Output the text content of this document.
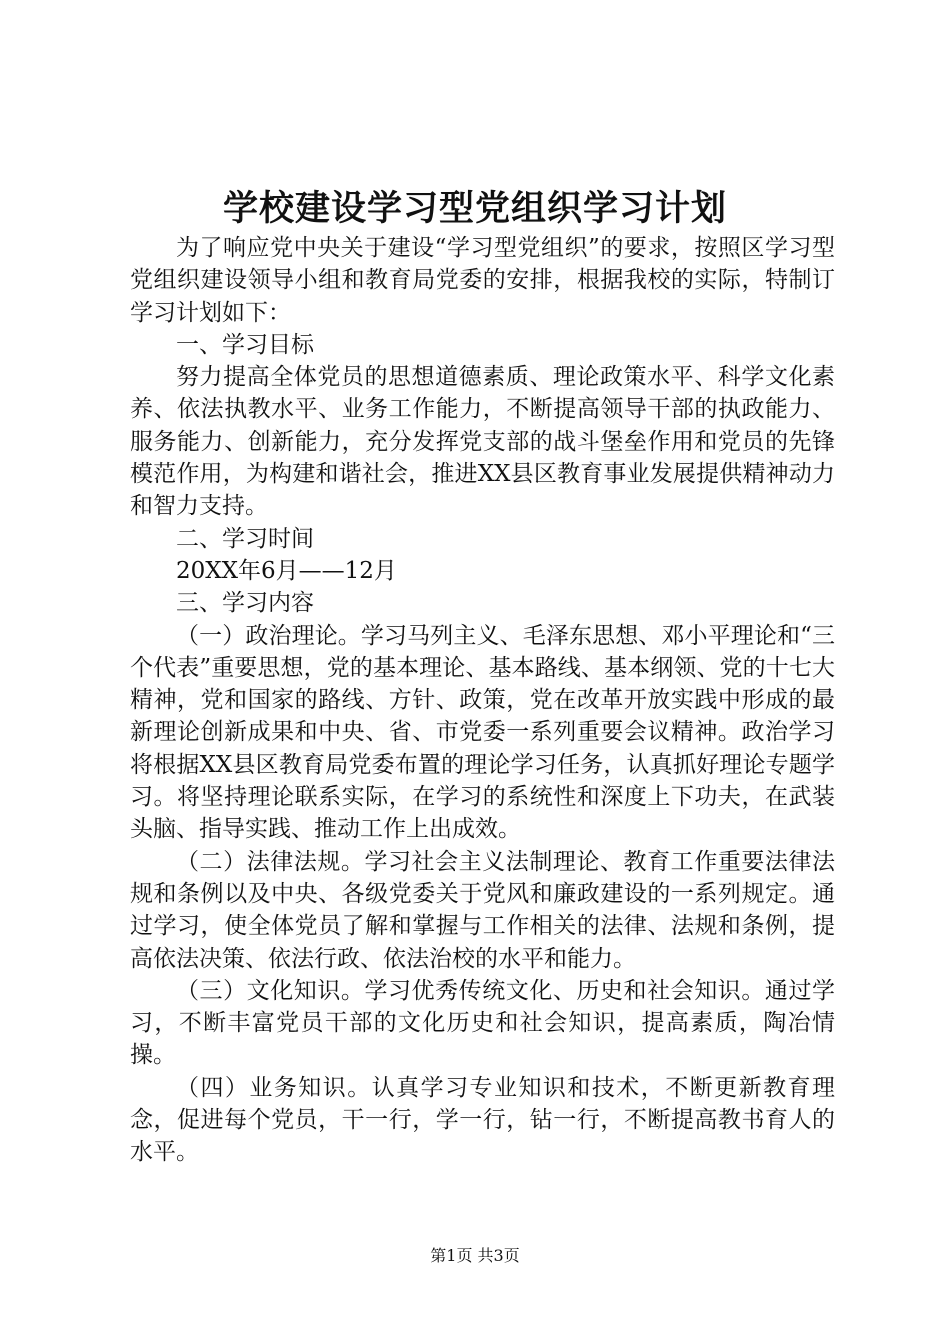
学校建设学习型党组织学习计划

为了响应党中央关于建设“学习型党组织”的要求，按照区学习型党组织建设领导小组和教育局党委的安排，根据我校的实际，特制订学习计划如下：

一、学习目标

努力提高全体党员的思想道德素质、理论政策水平、科学文化素养、依法执教水平、业务工作能力，不断提高领导干部的执政能力、服务能力、创新能力，充分发挥党支部的战斗堡垒作用和党员的先锋模范作用，为构建和谐社会，推进XX县区教育事业发展提供精神动力和智力支持。

二、学习时间

20XX年6月——12月

三、学习内容

（一）政治理论。学习马列主义、毛泽东思想、邓小平理论和“三个代表”重要思想，党的基本理论、基本路线、基本纲领、党的十七大精神，党和国家的路线、方针、政策，党在改革开放实践中形成的最新理论创新成果和中央、省、市党委一系列重要会议精神。政治学习将根据XX县区教育局党委布置的理论学习任务，认真抓好理论专题学习。将坚持理论联系实际，在学习的系统性和深度上下功夫，在武装头脑、指导实践、推动工作上出成效。

（二）法律法规。学习社会主义法制理论、教育工作重要法律法规和条例以及中央、各级党委关于党风和廉政建设的一系列规定。通过学习，使全体党员了解和掌握与工作相关的法律、法规和条例，提高依法决策、依法行政、依法治校的水平和能力。

（三）文化知识。学习优秀传统文化、历史和社会知识。通过学习，不断丰富党员干部的文化历史和社会知识，提高素质，陶冶情操。

（四）业务知识。认真学习专业知识和技术，不断更新教育理念，促进每个党员，干一行，学一行，钻一行，不断提高教书育人的水平。

第1页 共3页
